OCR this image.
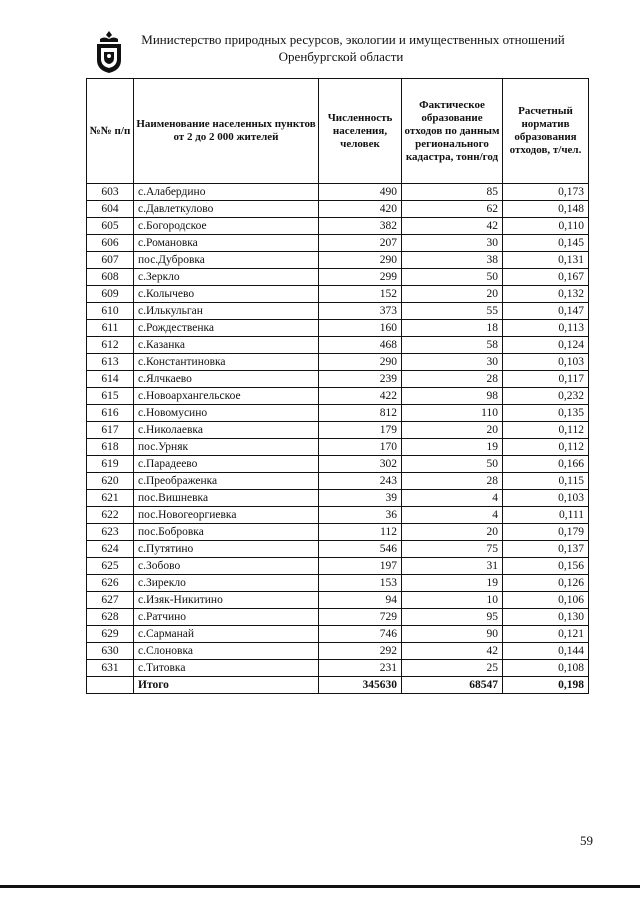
Министерство природных ресурсов, экологии и имущественных отношений
Оренбургской области
№№ п/п	Наименование населенных пунктов от 2 до 2 000 жителей	Численность населения, человек	Фактическое образование отходов по данным регионального кадастра, тонн/год	Расчетный норматив образования отходов, т/чел.
603	с.Алабердино	490	85	0,173
604	с.Давлеткулово	420	62	0,148
605	с.Богородское	382	42	0,110
606	с.Романовка	207	30	0,145
607	пос.Дубровка	290	38	0,131
608	с.Зеркло	299	50	0,167
609	с.Колычево	152	20	0,132
610	с.Илькульган	373	55	0,147
611	с.Рождественка	160	18	0,113
612	с.Казанка	468	58	0,124
613	с.Константиновка	290	30	0,103
614	с.Ялчкаево	239	28	0,117
615	с.Новоархангельское	422	98	0,232
616	с.Новомусино	812	110	0,135
617	с.Николаевка	179	20	0,112
618	пос.Урняк	170	19	0,112
619	с.Парадеево	302	50	0,166
620	с.Преображенка	243	28	0,115
621	пос.Вишневка	39	4	0,103
622	пос.Новогеоргиевка	36	4	0,111
623	пос.Бобровка	112	20	0,179
624	с.Путятино	546	75	0,137
625	с.Зобово	197	31	0,156
626	с.Зирекло	153	19	0,126
627	с.Изяк-Никитино	94	10	0,106
628	с.Ратчино	729	95	0,130
629	с.Сарманай	746	90	0,121
630	с.Слоновка	292	42	0,144
631	с.Титовка	231	25	0,108
	Итого	345630	68547	0,198
59
